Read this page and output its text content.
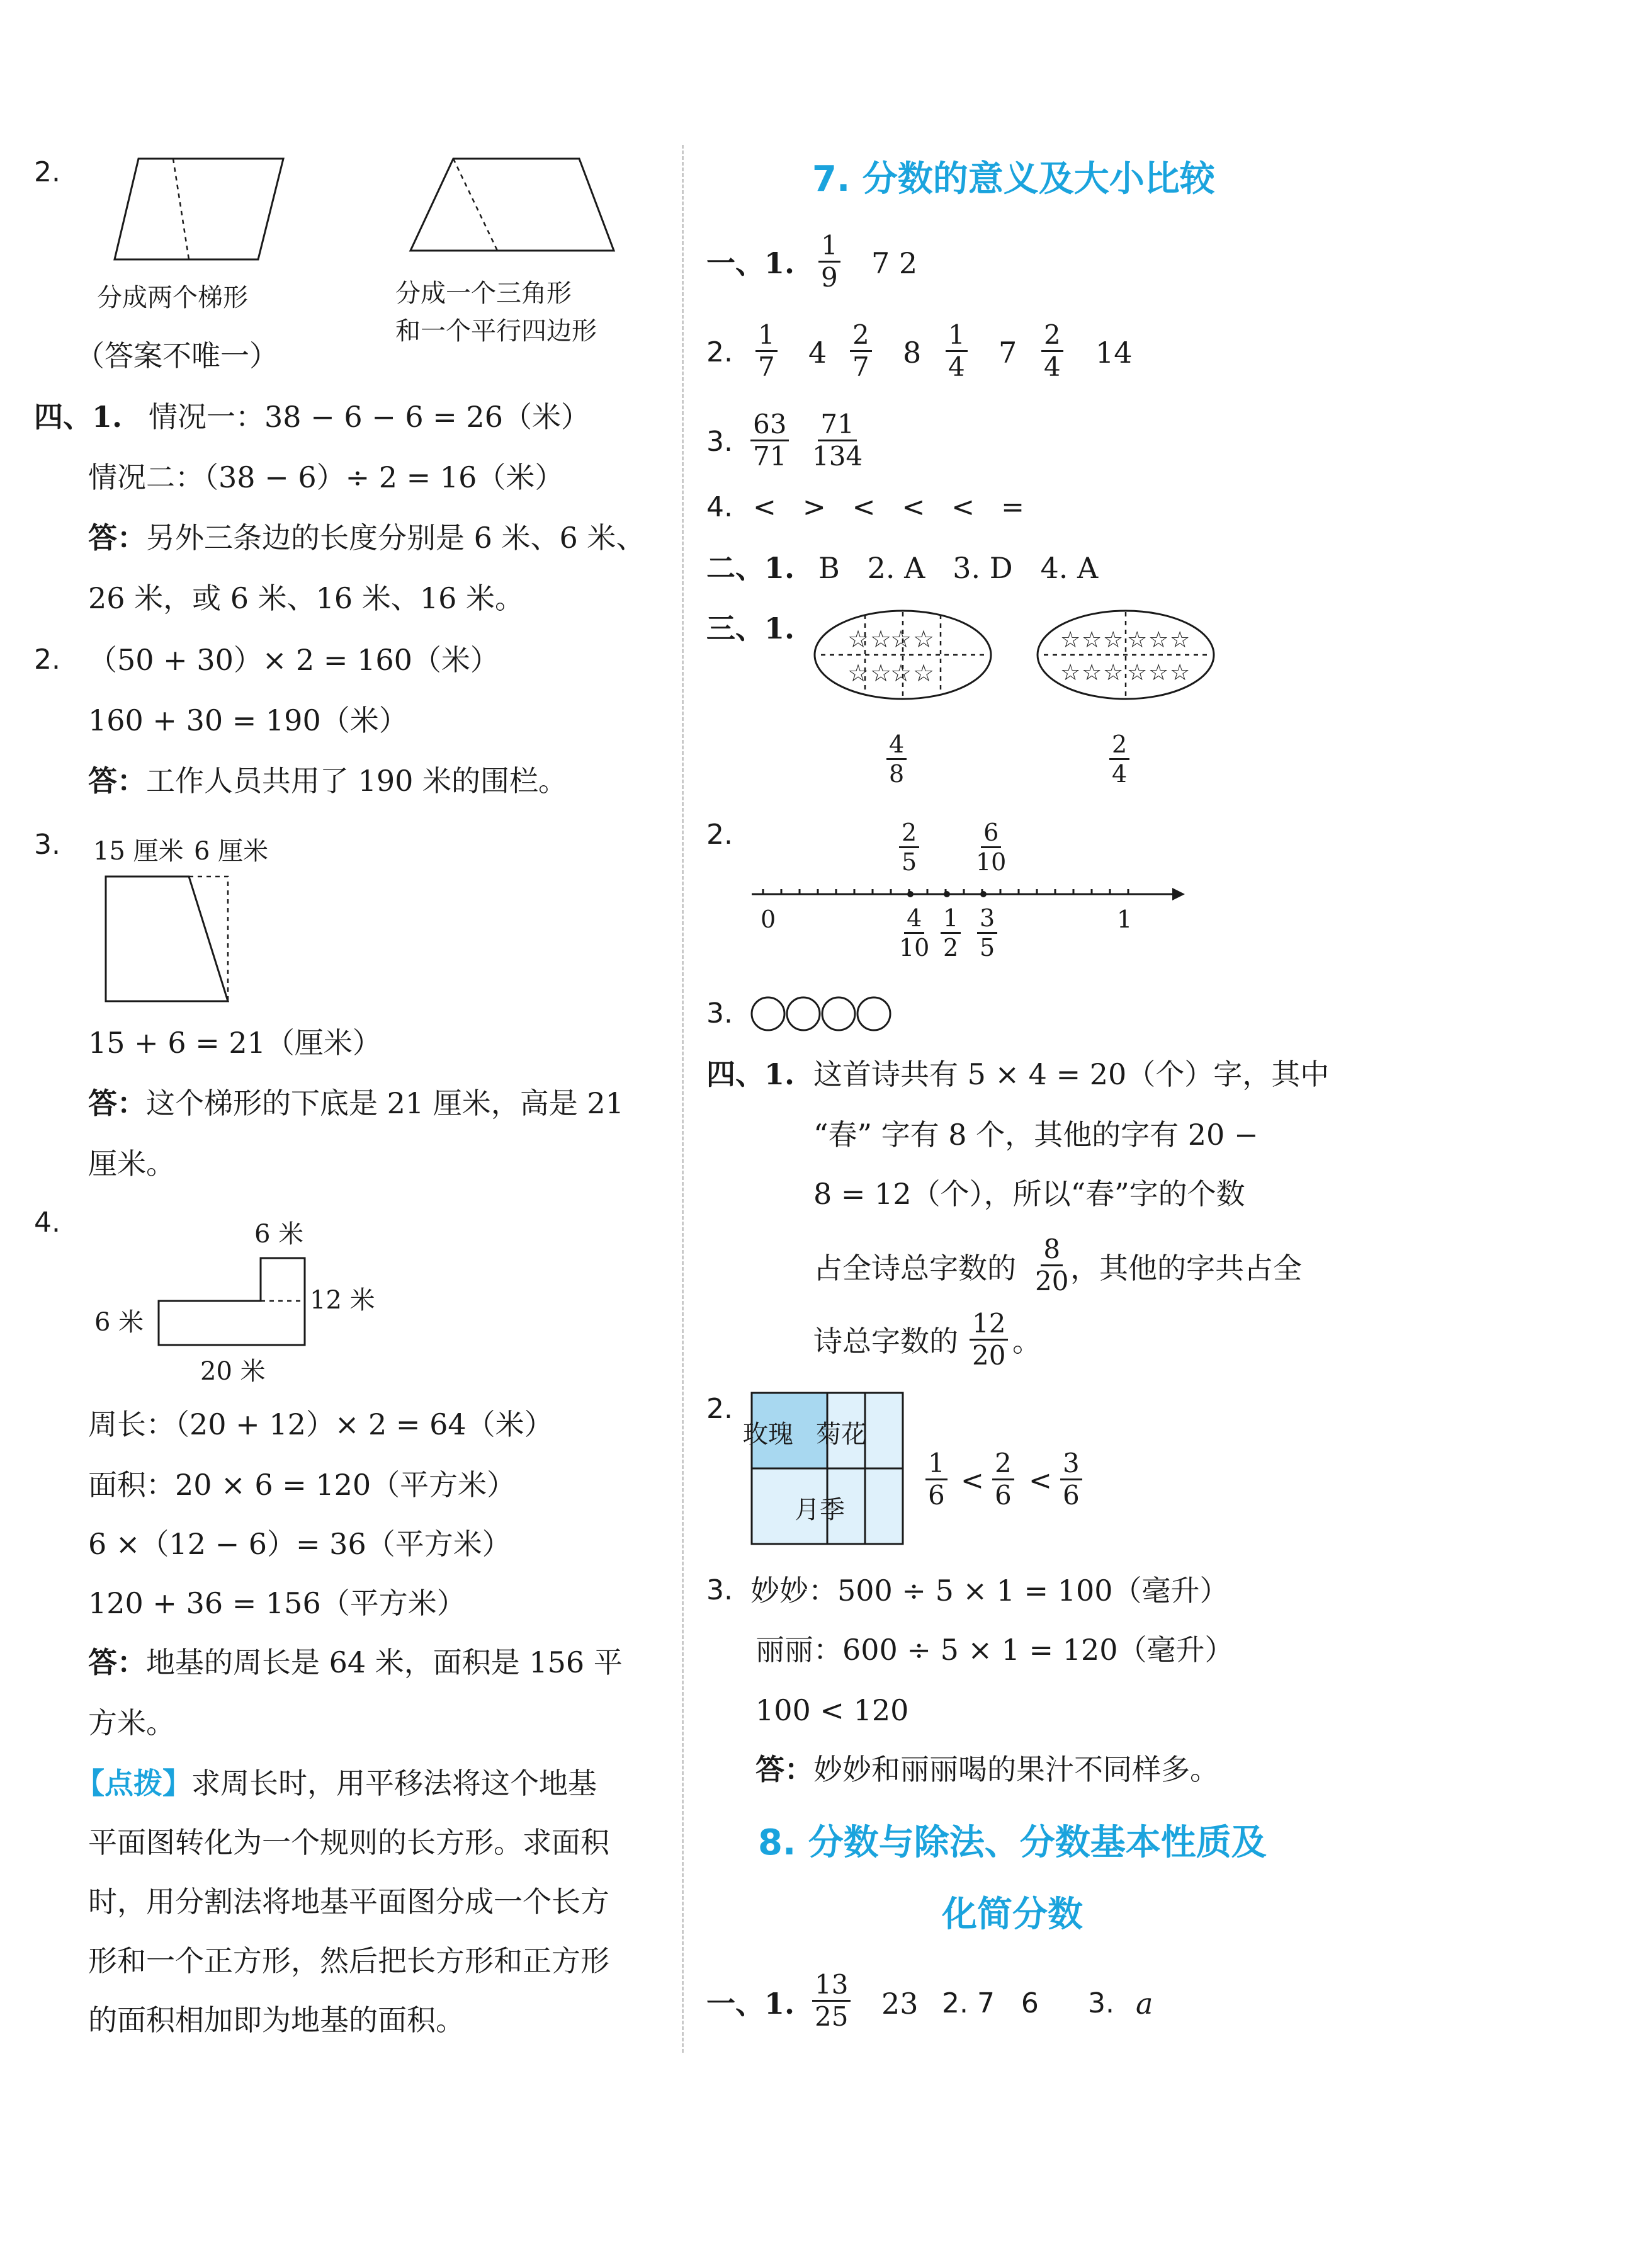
2.
分成两个梯形	分成一个三角形
和一个平行四边形
（答案不唯一）
四、1. 情况一：38 − 6 − 6 = 26（米）
情况二：（38 − 6）÷ 2 = 16（米）
答：另外三条边的长度分别是 6 米、6 米、
26 米，或 6 米、16 米、16 米。
2. （50 + 30）× 2 = 160（米）
160 + 30 = 190（米）
答：工作人员共用了 190 米的围栏。
3. 15 厘米 6 厘米
15 + 6 = 21（厘米）
答：这个梯形的下底是 21 厘米，高是 21
厘米。
4.	6 米
12 米
6 米
20 米
周长：（20 + 12）× 2 = 64（米）
面积：20 × 6 = 120（平方米）
6 ×（12 − 6）= 36（平方米）
120 + 36 = 156（平方米）
答：地基的周长是 64 米，面积是 156 平
方米。
【点拨】求周长时，用平移法将这个地基
平面图转化为一个规则的长方形。求面积
时，用分割法将地基平面图分成一个长方
形和一个正方形，然后把长方形和正方形
的面积相加即为地基的面积。
7. 分数的意义及大小比较
一、1. $\frac{1}{9} 7$ 2
2. $\frac{1}{7} 4 \frac{2}{7} 8 \frac{1}{4} 7 \frac{2}{4} 14$
3. $\frac{63}{71} \frac{71}{134}$
4. <   >   <   <   <   =
二、1. B   2. A   3. D   4. A
三、1. ☆ ☆
☆ ☆
☆ ☆
☆ ☆
☆ ☆ ☆ ☆ ☆ ☆
☆ ☆ ☆ ☆ ☆ ☆
$\frac{4}{8}$	$\frac{2}{4}$
2.	$\frac{2}{5} \frac{6}{10}$
0	1
$\frac{4}{10} \frac{1}{2} \frac{3}{5}$
3.
四、1. 这首诗共有 5 × 4 = 20（个）字，其中
“春” 字有 8 个，其他的字有 20 −
8 = 12（个），所以“春”字的个数
占全诗总字数的 $\frac{8}{20}$
，其他的字共占全
诗总字数的 $\frac{12}{20}$ 。
2.
玫瑰 菊花
月季	$\frac{1}{6} < \frac{2}{6} < \frac{3}{6}$
3. 妙妙：500 ÷ 5 × 1 = 100（毫升）
丽丽：600 ÷ 5 × 1 = 120（毫升）
100 < 120
答：妙妙和丽丽喝的果汁不同样多。
8. 分数与除法、分数基本性质及
化简分数
一、1. $\frac{13}{25} 23$ 2. 7   6 3. a
